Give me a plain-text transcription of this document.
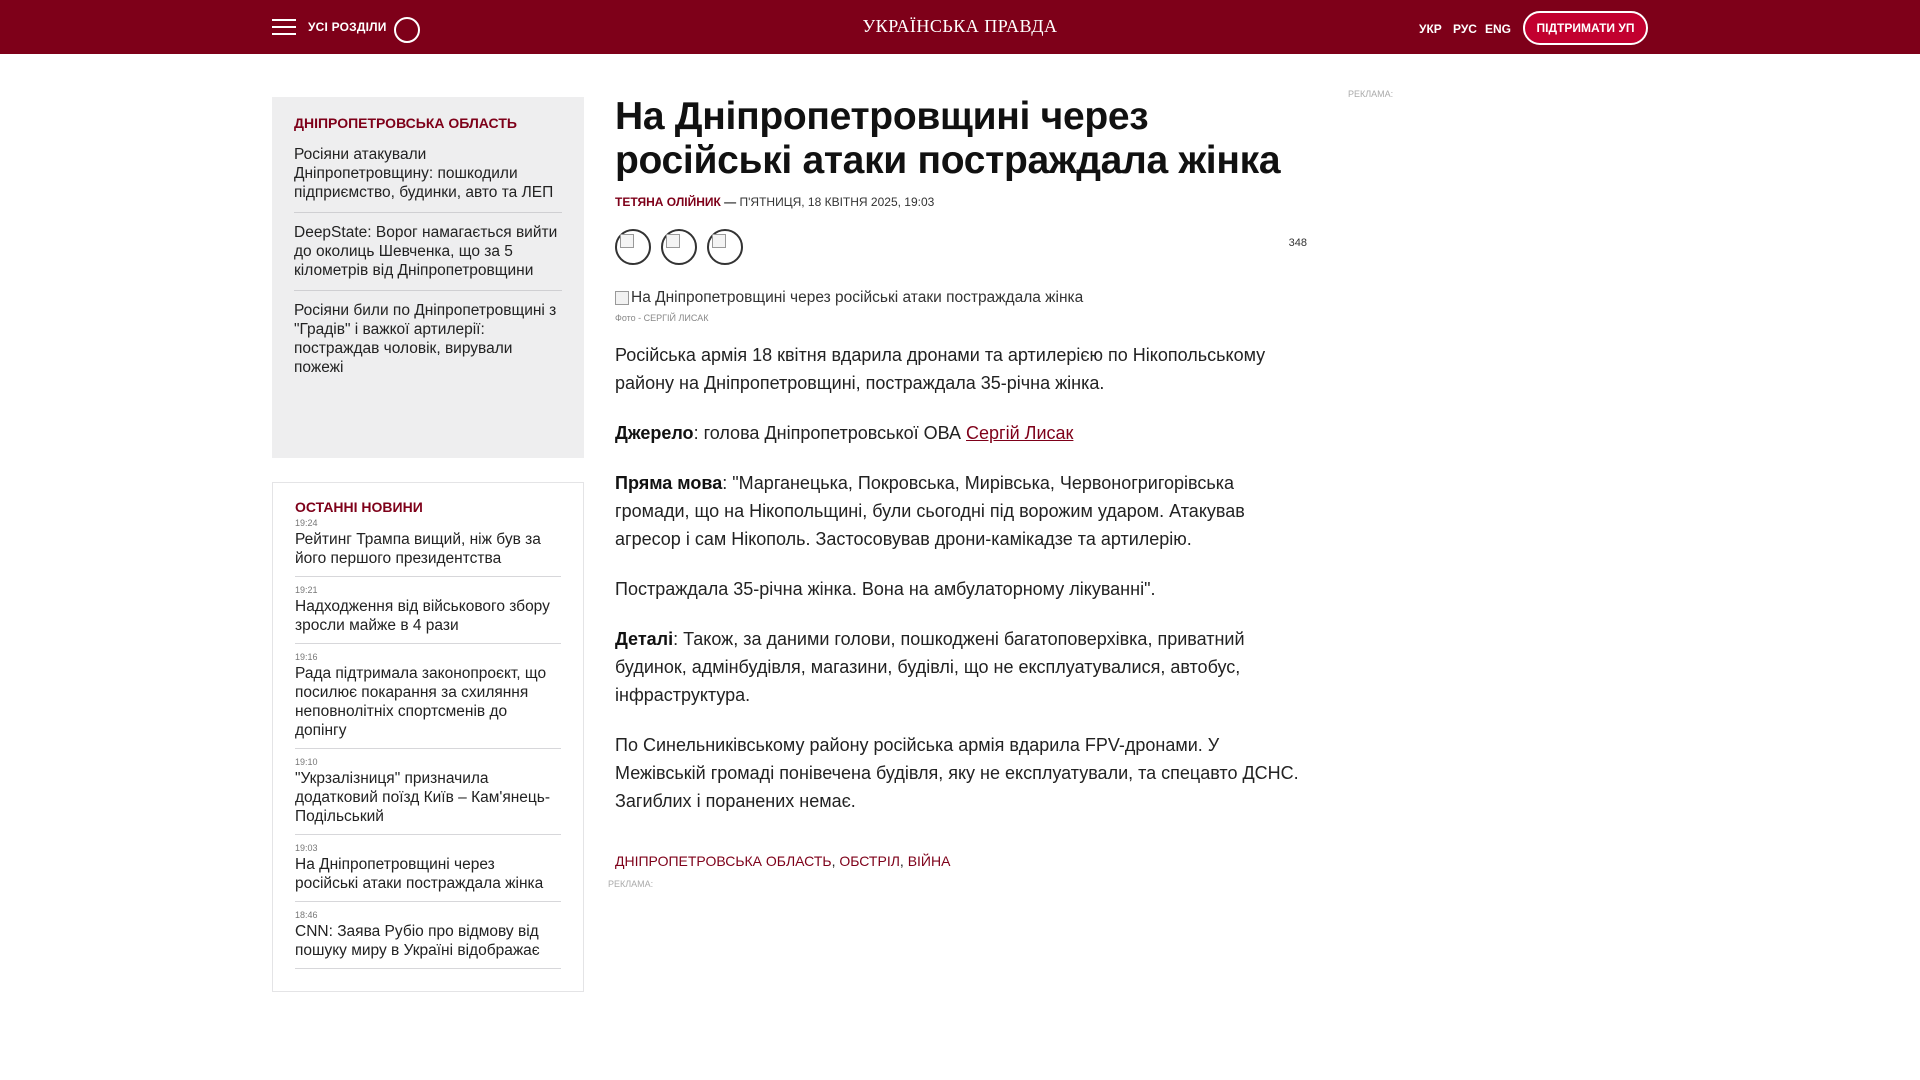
УСІ РОЗДІЛИ	УКРАЇНСЬКА ПРАВДА	УКР РУС ENG	ПІДТРИМАТИ УП
ДНІПРОПЕТРОВСЬКА ОБЛАСТЬ
Росіяни атакували Дніпропетровщину: пошкодили підприємство, будинки, авто та ЛЕП
DeepState: Ворог намагається вийти до околиць Шевченка, що за 5 кілометрів від Дніпропетровщини
Росіяни били по Дніпропетровщині з "Градів" і важкої артилерії: постраждав чоловік, вирували пожежі
ОСТАННІ НОВИНИ
19:24
Рейтинг Трампа вищий, ніж був за його першого президентства
19:21
Надходження від військового збору зросли майже в 4 рази
19:16
Рада підтримала законопроєкт, що посилює покарання за схиляння неповнолітніх спортсменів до допінгу
19:10
"Укрзалізниця" призначила додатковий поїзд Київ – Кам'янець-Подільський
19:03
На Дніпропетровщині через російські атаки постраждала жінка
18:46
CNN: Заява Рубіо про відмову від пошуку миру в Україні відображає
На Дніпропетровщині через російські атаки постраждала жінка
ТЕТЯНА ОЛІЙНИК — П'ЯТНИЦЯ, 18 КВІТНЯ 2025, 19:03
348
На Дніпропетровщині через російські атаки постраждала жінка
Фото - СЕРГІЙ ЛИСАК

Російська армія 18 квітня вдарила дронами та артилерією по Нікопольському району на Дніпропетровщині, постраждала 35-річна жінка.

Джерело: голова Дніпропетровської ОВА Сергій Лисак

Пряма мова: "Марганецька, Покровська, Мирівська, Червоногригорівська громади, що на Нікопольщині, були сьогодні під ворожим ударом. Атакував агресор і сам Нікополь. Застосовував дрони-камікадзе та артилерію.

Постраждала 35-річна жінка. Вона на амбулаторному лікуванні".

Деталі: Також, за даними голови, пошкоджені багатоповерхівка, приватний будинок, адмінбудівля, магазини, будівлі, що не експлуатувалися, автобус, інфраструктура.

По Синельниківському району російська армія вдарила FPV-дронами. У Межівській громаді понівечена будівля, яку не експлуатували, та спецавто ДСНС. Загиблих і поранених немає.

ДНІПРОПЕТРОВСЬКА ОБЛАСТЬ, ОБСТРІЛ, ВІЙНА
РЕКЛАМА:
РЕКЛАМА:
